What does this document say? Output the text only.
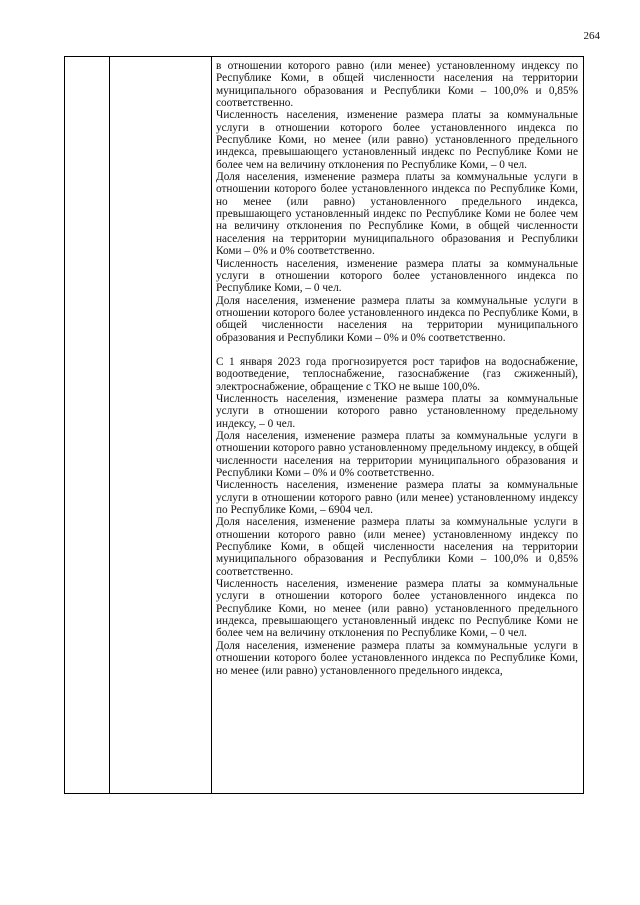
264

в отношении которого равно (или менее) установленному индексу по Республике Коми, в общей численности населения на территории муниципального образования и Республики Коми – 100,0% и 0,85% соответственно.

Численность населения, изменение размера платы за коммунальные услуги в отношении которого более установленного индекса по Республике Коми, но менее (или равно) установленного предельного индекса, превышающего установленный индекс по Республике Коми не более чем на величину отклонения по Республике Коми, – 0 чел.

Доля населения, изменение размера платы за коммунальные услуги в отношении которого более установленного индекса по Республике Коми, но менее (или равно) установленного предельного индекса, превышающего установленный индекс по Республике Коми не более чем на величину отклонения по Республике Коми, в общей численности населения на территории муниципального образования и Республики Коми – 0% и 0% соответственно.

Численность населения, изменение размера платы за коммунальные услуги в отношении которого более установленного индекса по Республике Коми, – 0 чел.

Доля населения, изменение размера платы за коммунальные услуги в отношении которого более установленного индекса по Республике Коми, в общей численности населения на территории муниципального образования и Республики Коми – 0% и 0% соответственно.

С 1 января 2023 года прогнозируется рост тарифов на водоснабжение, водоотведение, теплоснабжение, газоснабжение (газ сжиженный), электроснабжение, обращение с ТКО не выше 100,0%.

Численность населения, изменение размера платы за коммунальные услуги в отношении которого равно установленному предельному индексу, – 0 чел.

Доля населения, изменение размера платы за коммунальные услуги в отношении которого равно установленному предельному индексу, в общей численности населения на территории муниципального образования и Республики Коми – 0% и 0% соответственно.

Численность населения, изменение размера платы за коммунальные услуги в отношении которого равно (или менее) установленному индексу по Республике Коми, – 6904 чел.

Доля населения, изменение размера платы за коммунальные услуги в отношении которого равно (или менее) установленному индексу по Республике Коми, в общей численности населения на территории муниципального образования и Республики Коми – 100,0% и 0,85% соответственно.

Численность населения, изменение размера платы за коммунальные услуги в отношении которого более установленного индекса по Республике Коми, но менее (или равно) установленного предельного индекса, превышающего установленный индекс по Республике Коми не более чем на величину отклонения по Республике Коми, – 0 чел.

Доля населения, изменение размера платы за коммунальные услуги в отношении которого более установленного индекса по Республике Коми, но менее (или равно) установленного предельного индекса,
